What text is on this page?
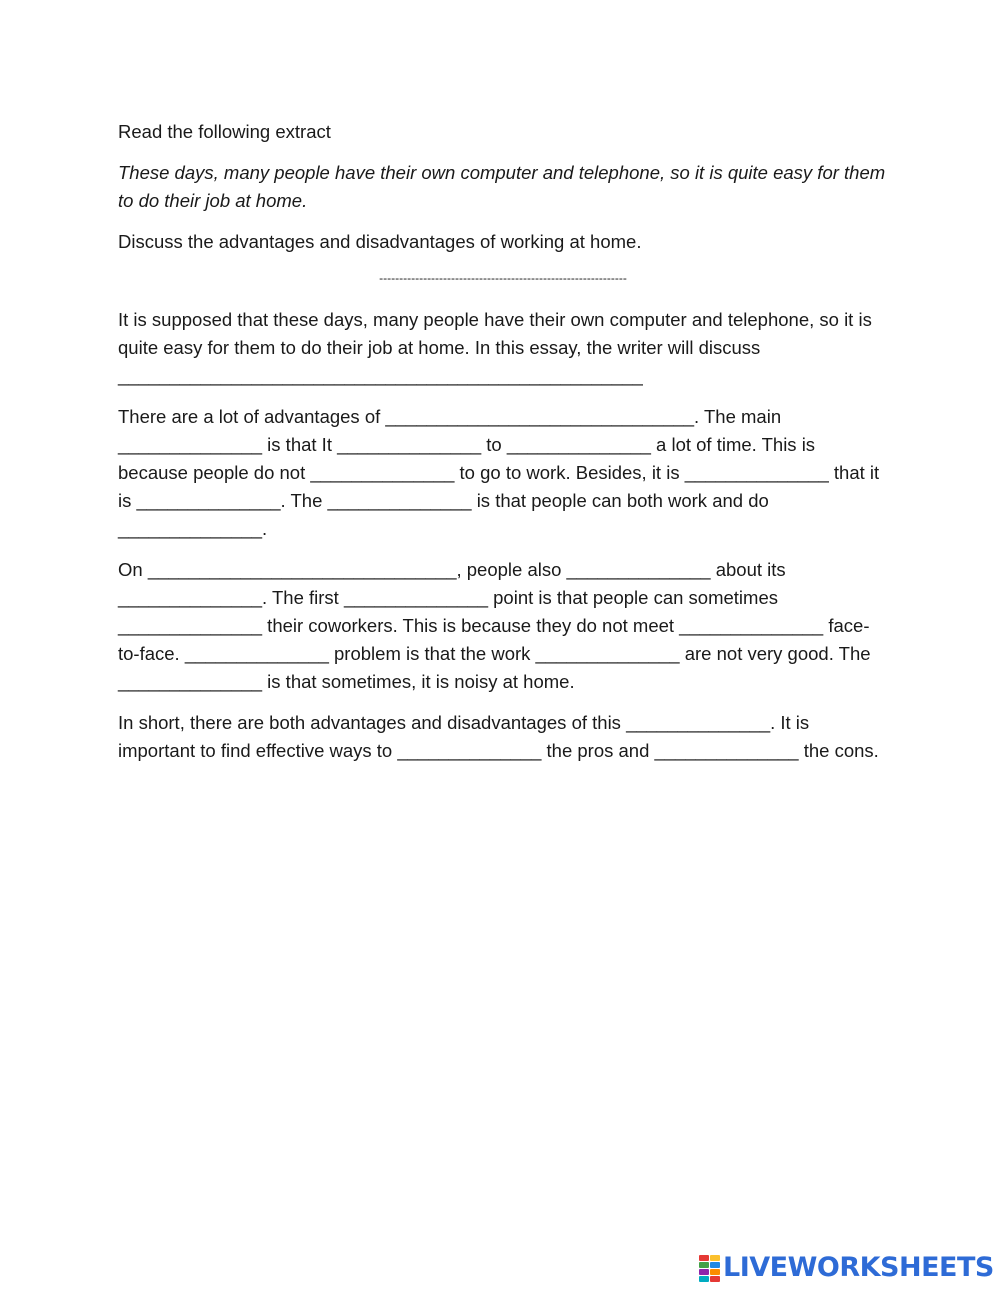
Read the following extract

These days, many people have their own computer and telephone, so it is quite easy for them to do their job at home.

Discuss the advantages and disadvantages of working at home.

--------------------------------------------------------------

It is supposed that these days, many people have their own computer and telephone, so it is quite easy for them to do their job at home. In this essay, the writer will discuss ___________________________________________________

There are a lot of advantages of ______________________________. The main ______________ is that It ______________ to ______________ a lot of time. This is because people do not ______________ to go to work. Besides, it is ______________ that it is ______________. The ______________ is that people can both work and do ______________.

On ______________________________, people also ______________ about its ______________. The first ______________ point is that people can sometimes ______________ their coworkers. This is because they do not meet ______________ face-to-face. ______________ problem is that the work ______________ are not very good. The ______________ is that sometimes, it is noisy at home.

In short, there are both advantages and disadvantages of this ______________. It is important to find effective ways to ______________ the pros and ______________ the cons.

LIVEWORKSHEETS
